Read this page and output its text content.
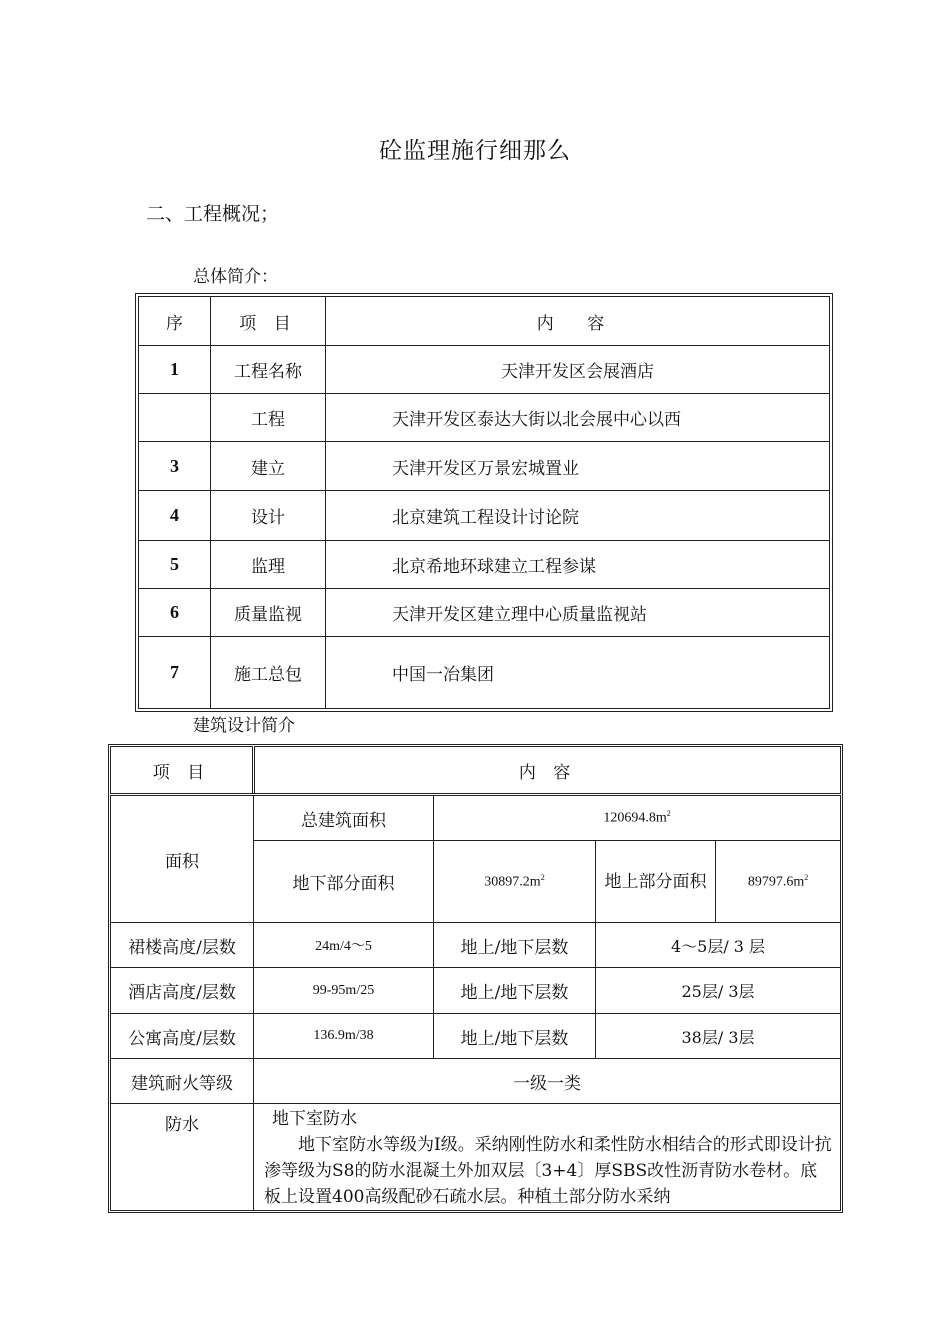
砼监理施行细那么
二、工程概况；
总体简介：
序	项 目	内 容
1	工程名称	天津开发区会展酒店
	工程	天津开发区泰达大街以北会展中心以西
3	建立	天津开发区万景宏城置业
4	设计	北京建筑工程设计讨论院
5	监理	北京希地环球建立工程参谋
6	质量监视	天津开发区建立理中心质量监视站
7	施工总包	中国一冶集团
建筑设计简介
项 目	内 容			
面积	总建筑面积	$120694.8m^2$
	地下部分面积	$30897.2m^2$	地上部分面积	$89797.6m^2$
裙楼高度/层数	24m/4～5	地上/地下层数	4～5层/ 3 层	
酒店高度/层数	99-95m/25	地上/地下层数	25层/ 3层	
公寓高度/层数	136.9m/38	地上/地下层数	38层/ 3层	
建筑耐火等级	一级一类			
防水	地下室防水
地下室防水等级为Ⅰ级。采纳刚性防水和柔性防水相结合的形式即设计抗渗等级为S8的防水混凝土外加双层〔3+4〕厚SBS改性沥青防水卷材。底板上设置400高级配砂石疏水层。种植土部分防水采纳			
